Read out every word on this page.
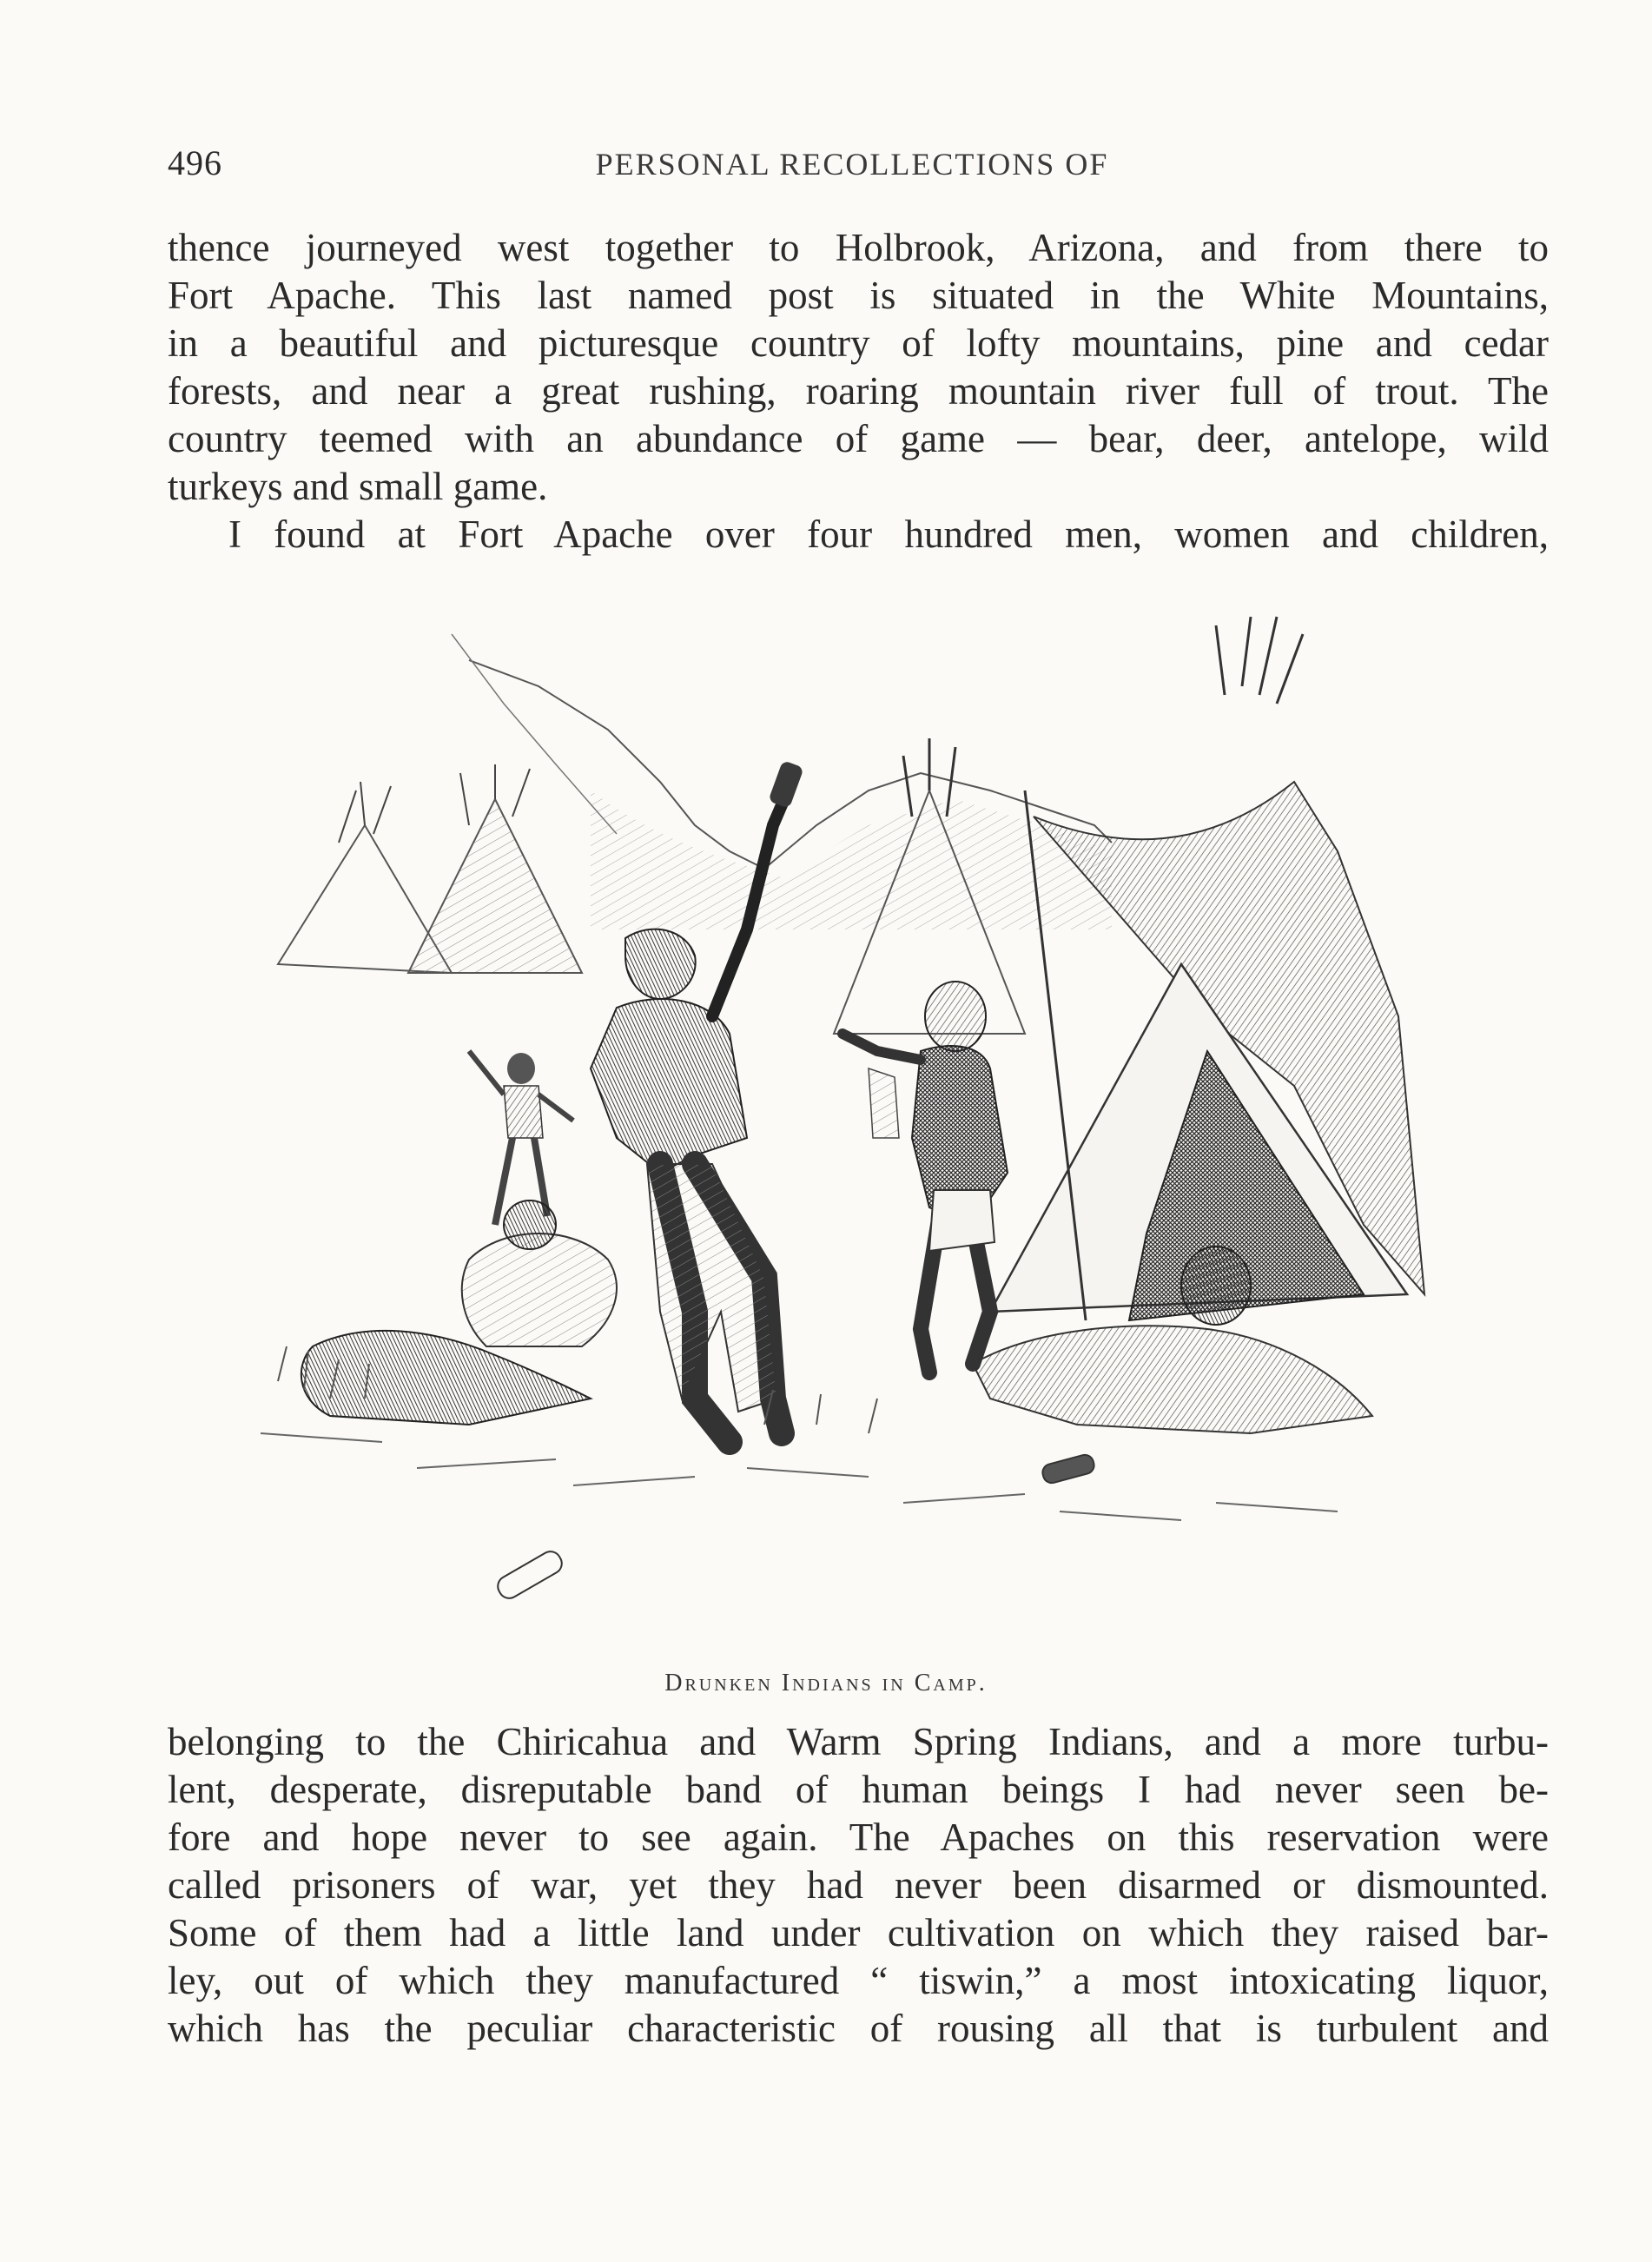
496	PERSONAL RECOLLECTIONS OF
thence journeyed west together to Holbrook, Arizona, and from there to
Fort Apache. This last named post is situated in the White Mountains,
in a beautiful and picturesque country of lofty mountains, pine and cedar
forests, and near a great rushing, roaring mountain river full of trout. The
country teemed with an abundance of game — bear, deer, antelope, wild
turkeys and small game.
I found at Fort Apache over four hundred men, women and children,
Drunken Indians in Camp.
belonging to the Chiricahua and Warm Spring Indians, and a more turbu-
lent, desperate, disreputable band of human beings I had never seen be-
fore and hope never to see again. The Apaches on this reservation were
called prisoners of war, yet they had never been disarmed or dismounted.
Some of them had a little land under cultivation on which they raised bar-
ley, out of which they manufactured “ tiswin,” a most intoxicating liquor,
which has the peculiar characteristic of rousing all that is turbulent and
